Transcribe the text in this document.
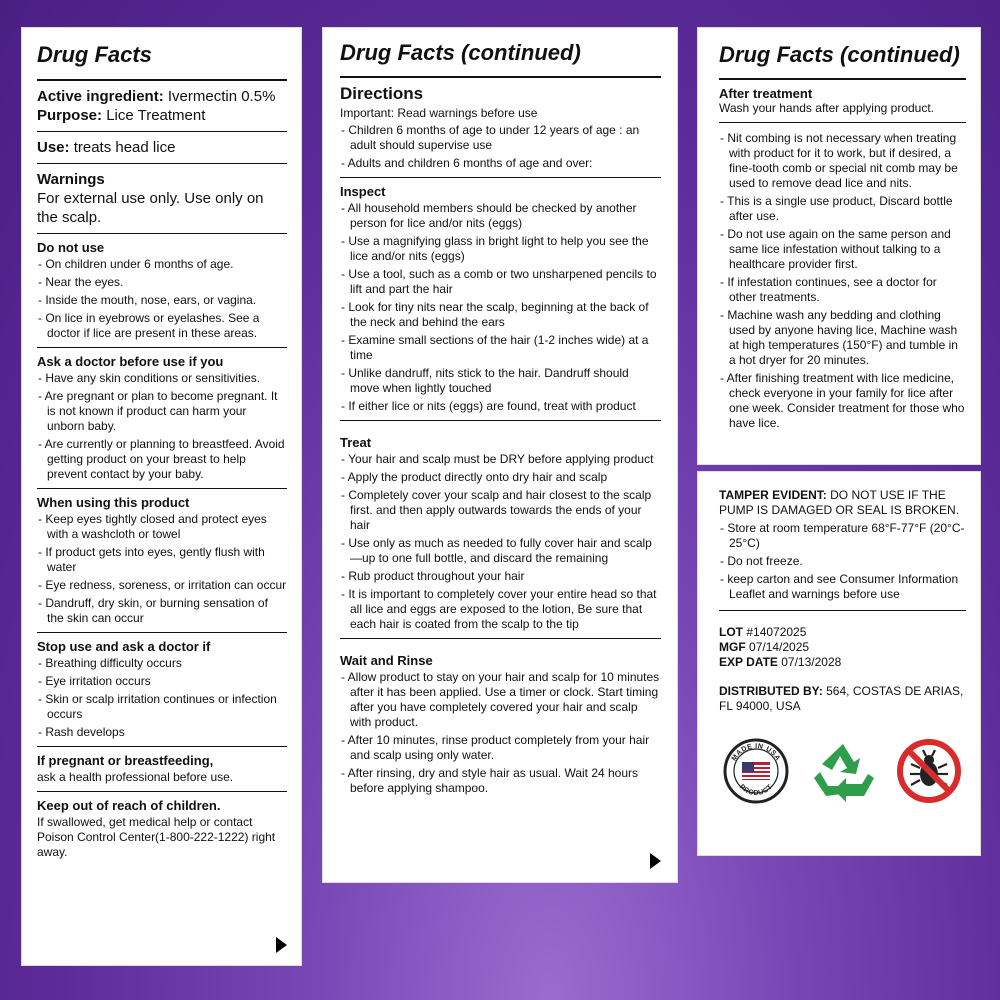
Drug Facts
Active ingredient: Ivermectin 0.5%
Purpose: Lice Treatment
Use: treats head lice
Warnings
For external use only. Use only on the scalp.
Do not use
- On children under 6 months of age.
- Near the eyes.
- Inside the mouth, nose, ears, or vagina.
- On lice in eyebrows or eyelashes. See a doctor if lice are present in these areas.
Ask a doctor before use if you
- Have any skin conditions or sensitivities.
- Are pregnant or plan to become pregnant. It is not known if product can harm your unborn baby.
- Are currently or planning to breastfeed. Avoid getting product on your breast to help prevent contact by your baby.
When using this product
- Keep eyes tightly closed and protect eyes with a washcloth or towel
- If product gets into eyes, gently flush with water
- Eye redness, soreness, or irritation can occur
- Dandruff, dry skin, or burning sensation of the skin can occur
Stop use and ask a doctor if
- Breathing difficulty occurs
- Eye irritation occurs
- Skin or scalp irritation continues or infection occurs
- Rash develops
If pregnant or breastfeeding,
ask a health professional before use.
Keep out of reach of children.
If swallowed, get medical help or contact Poison Control Center(1-800-222-1222) right away.
Drug Facts (continued)
Directions
Important: Read warnings before use
- Children 6 months of age to under 12 years of age : an adult should supervise use
- Adults and children 6 months of age and over:
Inspect
- All household members should be checked by another person for lice and/or nits (eggs)
- Use a magnifying glass in bright light to help you see the lice and/or nits (eggs)
- Use a tool, such as a comb or two unsharpened pencils to lift and part the hair
- Look for tiny nits near the scalp, beginning at the back of the neck and behind the ears
- Examine small sections of the hair (1-2 inches wide) at a time
- Unlike dandruff, nits stick to the hair. Dandruff should move when lightly touched
- If either lice or nits (eggs) are found, treat with product
Treat
- Your hair and scalp must be DRY before applying product
- Apply the product directly onto dry hair and scalp
- Completely cover your scalp and hair closest to the scalp first. and then apply outwards towards the ends of your hair
- Use only as much as needed to fully cover hair and scalp—up to one full bottle, and discard the remaining
- Rub product throughout your hair
- It is important to completely cover your entire head so that all lice and eggs are exposed to the lotion, Be sure that each hair is coated from the scalp to the tip
Wait and Rinse
- Allow product to stay on your hair and scalp for 10 minutes after it has been applied. Use a timer or clock. Start timing after you have completely covered your hair and scalp with product.
- After 10 minutes, rinse product completely from your hair and scalp using only water.
- After rinsing, dry and style hair as usual. Wait 24 hours before applying shampoo.
Drug Facts (continued)
After treatment
Wash your hands after applying product.
- Nit combing is not necessary when treating with product for it to work, but if desired, a fine-tooth comb or special nit comb may be used to remove dead lice and nits.
- This is a single use product, Discard bottle after use.
- Do not use again on the same person and same lice infestation without talking to a healthcare provider first.
- If infestation continues, see a doctor for other treatments.
- Machine wash any bedding and clothing used by anyone having lice, Machine wash at high temperatures (150°F) and tumble in a hot dryer for 20 minutes.
- After finishing treatment with lice medicine, check everyone in your family for lice after one week. Consider treatment for those who have lice.
TAMPER EVIDENT: DO NOT USE IF THE PUMP IS DAMAGED OR SEAL IS BROKEN.
- Store at room temperature 68°F-77°F (20°C-25°C)
- Do not freeze.
- keep carton and see Consumer Information Leaflet and warnings before use
LOT #14072025
MGF 07/14/2025
EXP DATE 07/13/2028
DISTRIBUTED BY: 564, COSTAS DE ARIAS, FL 94000, USA
MADE IN USA
PRODUCT
